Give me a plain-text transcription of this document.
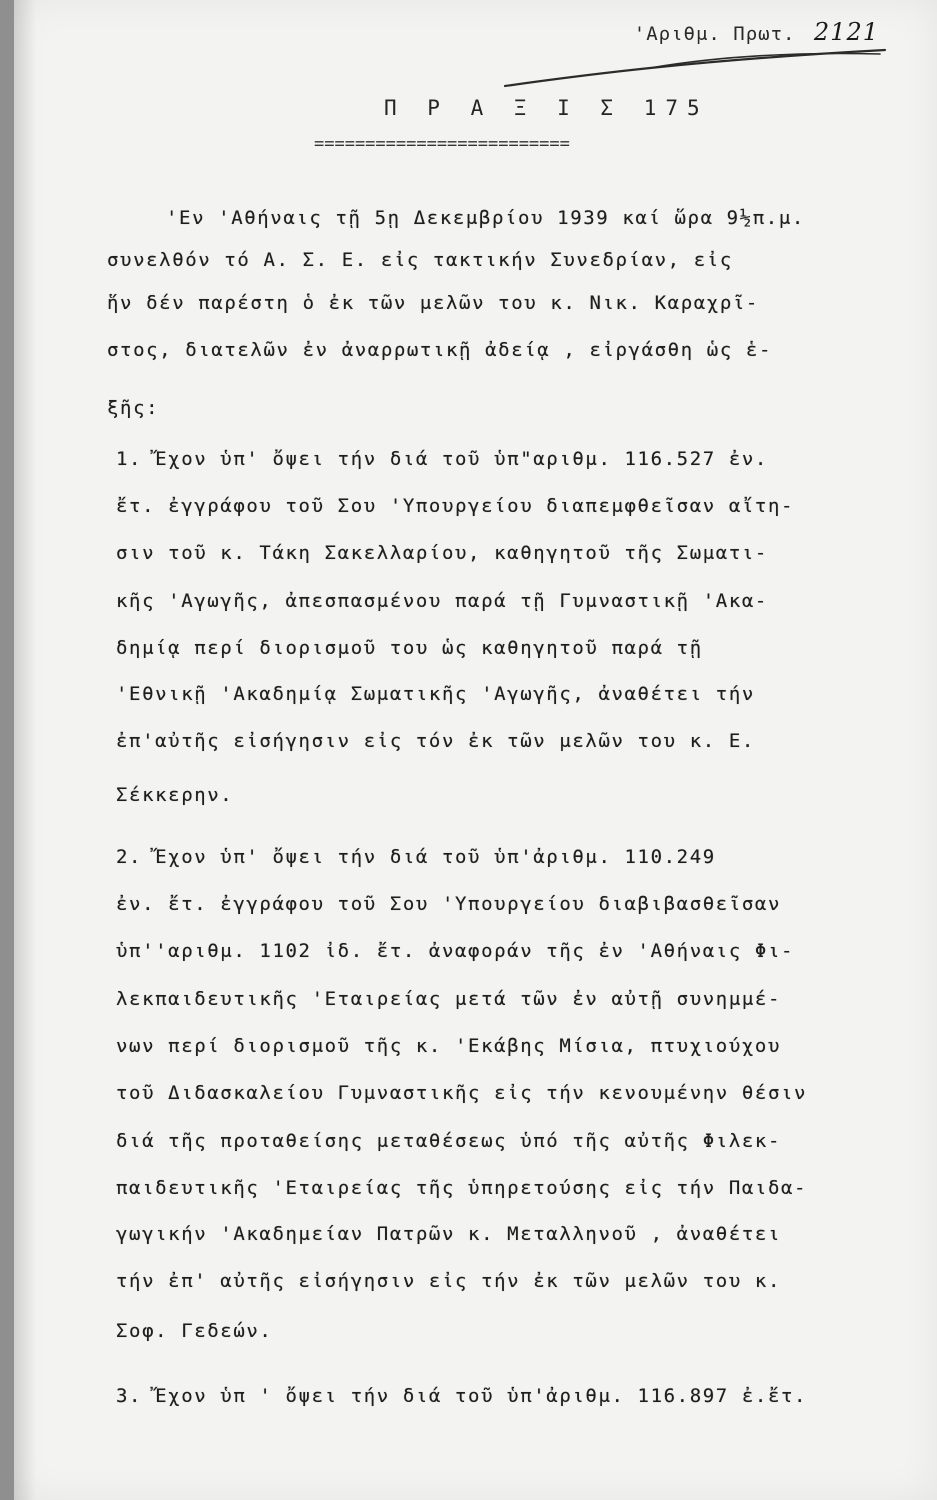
'Αριθμ. Πρωτ. 2121
Π Ρ Α Ξ Ι Σ 175
=========================
'Εν 'Αθήναις τῇ 5ῃ Δεκεμβρίου 1939 καί ὥρα 9½π.μ.
συνελθόν τό Α. Σ. Ε. εἰς τακτικήν Συνεδρίαν, εἰς
ἥν δέν παρέστη ὁ ἐκ τῶν μελῶν του κ. Νικ. Καραχρῖ-
στος, διατελῶν ἐν ἀναρρωτικῇ ἀδείᾳ , εἰργάσθη ὡς ἑ-
ξῆς:
1. Ἔχον ὑπ' ὄψει τήν διά τοῦ ὑπ"αριθμ. 116.527 ἐν.
ἔτ. ἐγγράφου τοῦ Σου 'Υπουργείου διαπεμφθεῖσαν αἴτη-
σιν τοῦ κ. Τάκη Σακελλαρίου, καθηγητοῦ τῆς Σωματι-
κῆς 'Αγωγῆς, ἀπεσπασμένου παρά τῇ Γυμναστικῇ 'Ακα-
δημίᾳ περί διορισμοῦ του ὡς καθηγητοῦ παρά τῇ
'Εθνικῇ 'Ακαδημίᾳ Σωματικῆς 'Αγωγῆς, ἀναθέτει τήν
ἐπ'αὐτῆς εἰσήγησιν εἰς τόν ἐκ τῶν μελῶν του κ. Ε.
Σέκκερην.
2. Ἔχον ὑπ' ὄψει τήν διά τοῦ ὑπ'ἀριθμ. 110.249
ἐν. ἔτ. ἐγγράφου τοῦ Σου 'Υπουργείου διαβιβασθεῖσαν
ὑπ''αριθμ. 1102 ἰδ. ἔτ. ἀναφοράν τῆς ἐν 'Αθήναις Φι-
λεκπαιδευτικῆς 'Εταιρείας μετά τῶν ἐν αὐτῇ συνημμέ-
νων περί διορισμοῦ τῆς κ. 'Εκάβης Μίσια, πτυχιούχου
τοῦ Διδασκαλείου Γυμναστικῆς εἰς τήν κενουμένην θέσιν
διά τῆς προταθείσης μεταθέσεως ὑπό τῆς αὐτῆς Φιλεκ-
παιδευτικῆς 'Εταιρείας τῆς ὑπηρετούσης εἰς τήν Παιδα-
γωγικήν 'Ακαδημείαν Πατρῶν κ. Μεταλληνοῦ , ἀναθέτει
τήν ἐπ' αὐτῆς εἰσήγησιν εἰς τήν ἐκ τῶν μελῶν του κ.
Σοφ. Γεδεών.
3. Ἔχον ὑπ ' ὄψει τήν διά τοῦ ὑπ'ἀριθμ. 116.897 ἐ.ἔτ.
